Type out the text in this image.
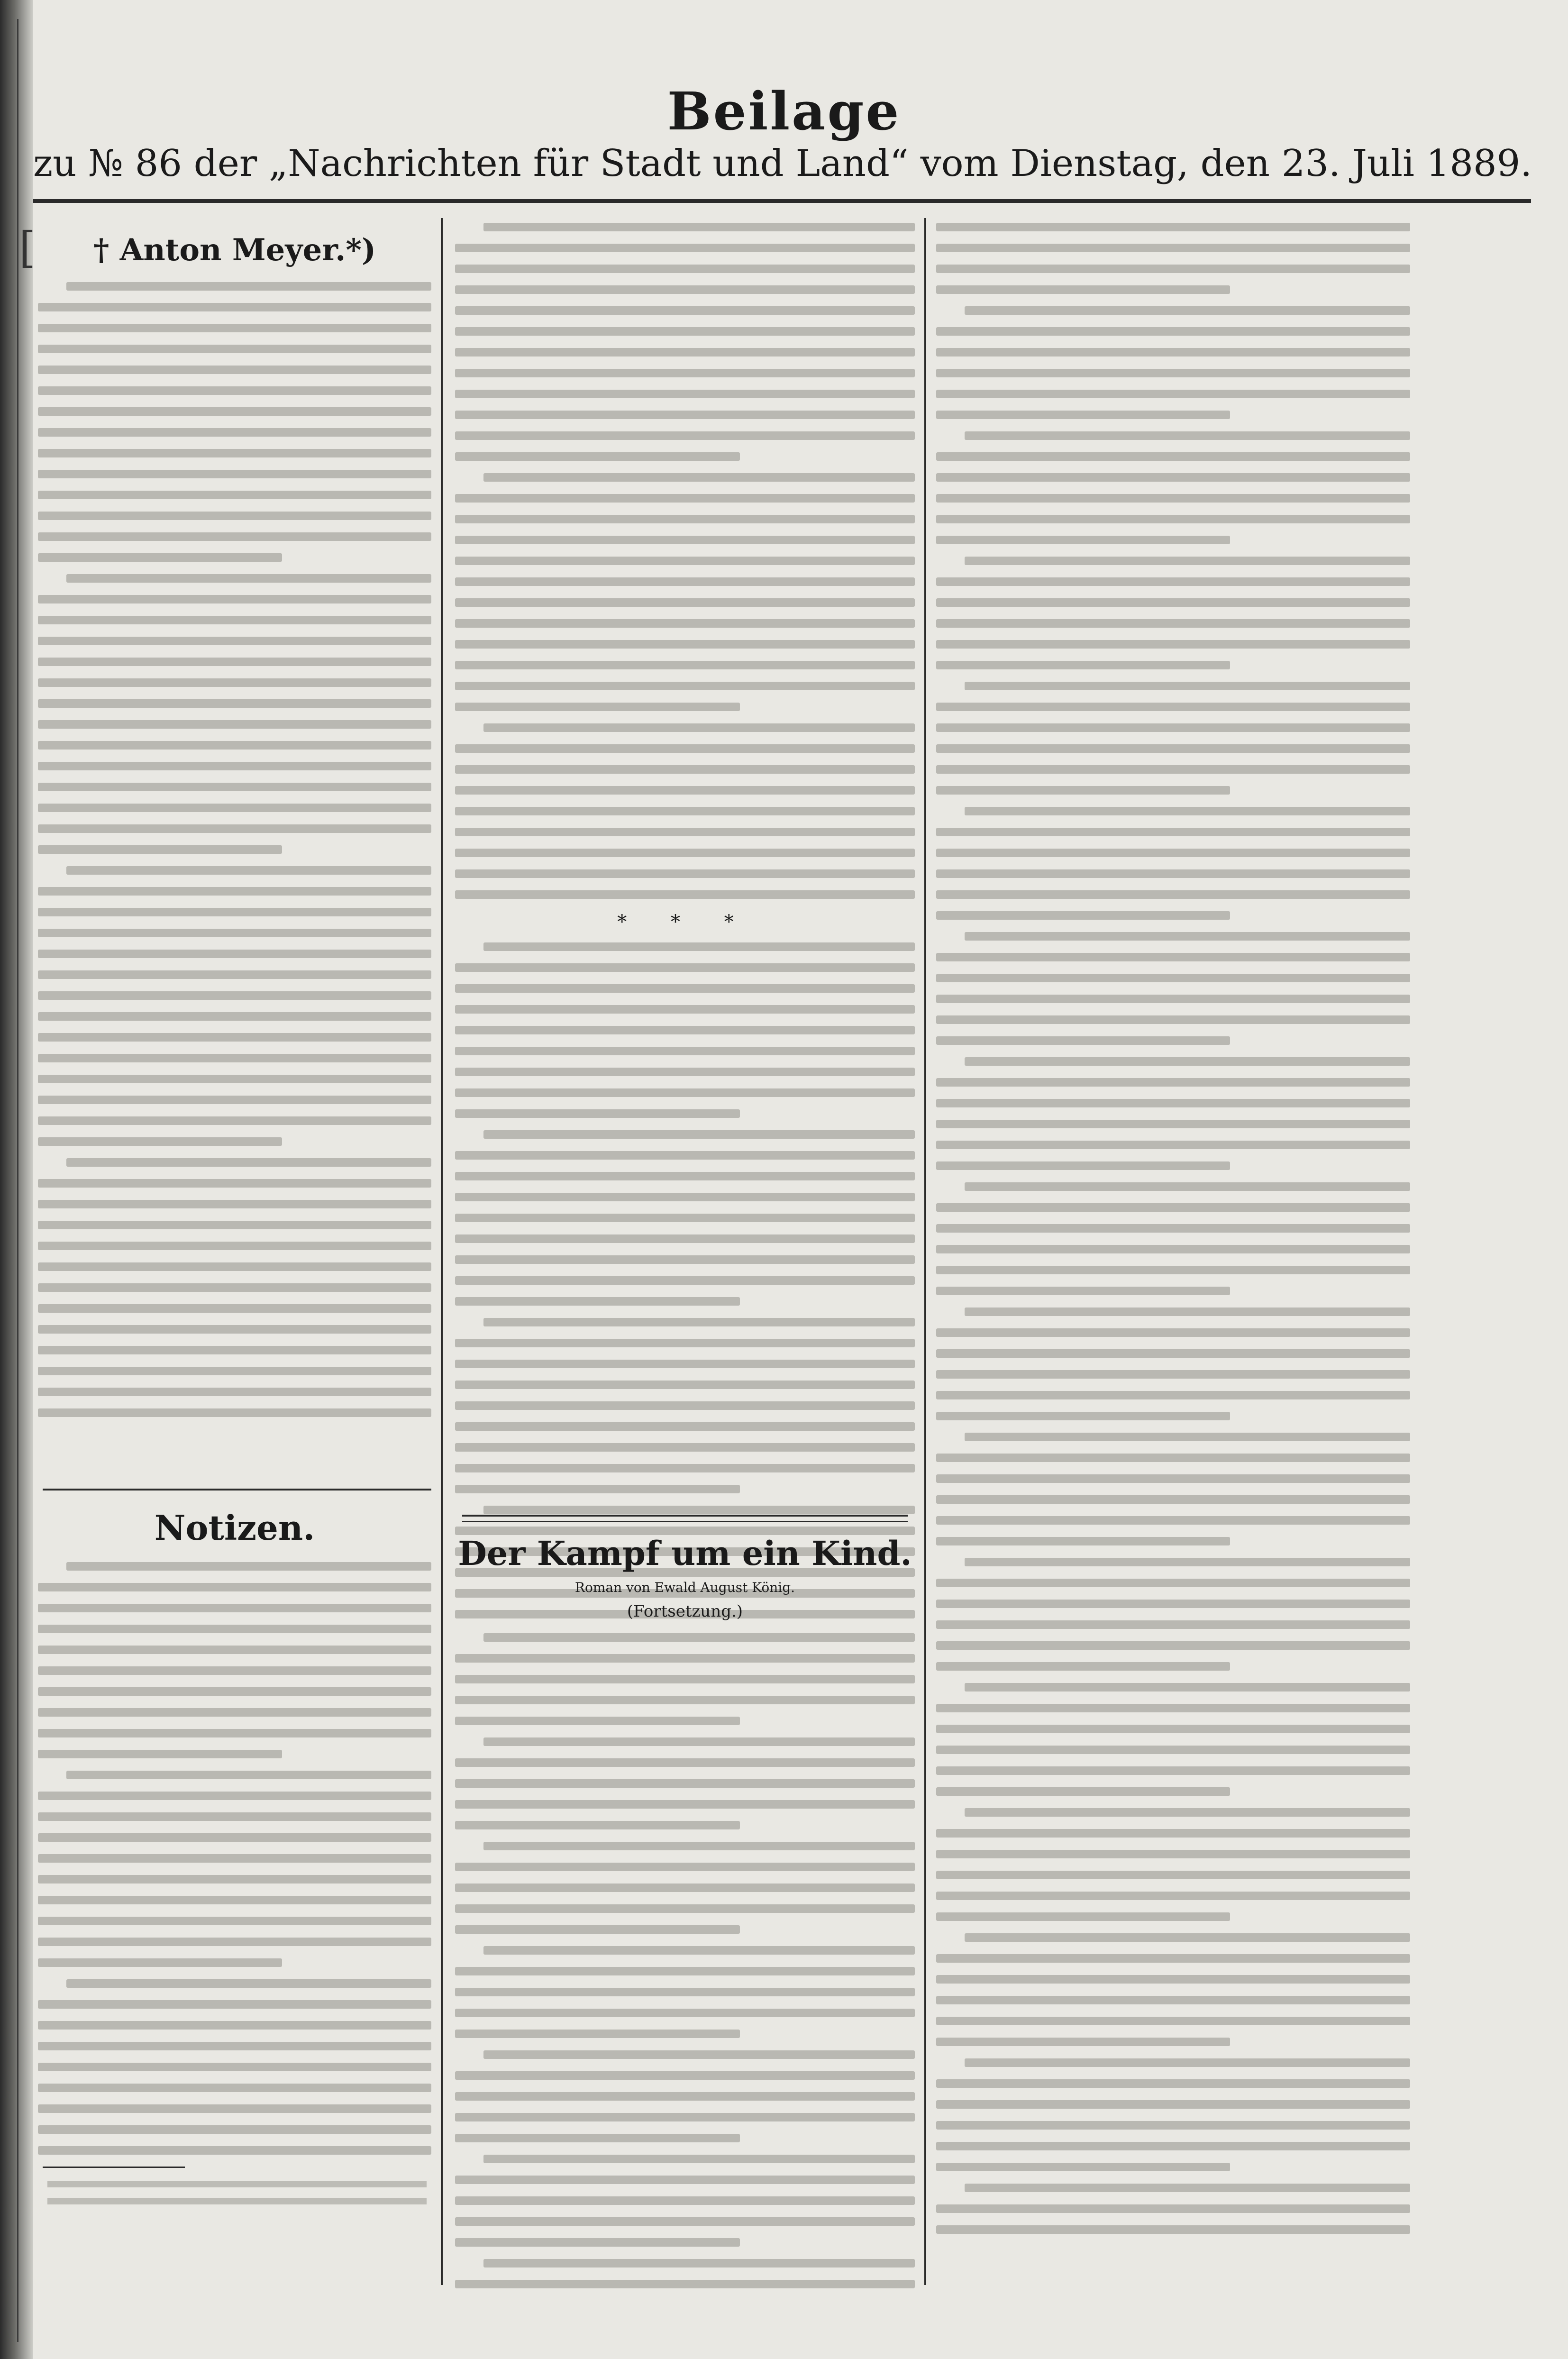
[
Beilage
zu № 86 der „Nachrichten für Stadt und Land“ vom Dienstag, den 23. Juli 1889.
† Anton Meyer.*)
Notizen.
* * *
Der Kampf um ein Kind.
Roman von Ewald August König.
(Fortsetzung.)
